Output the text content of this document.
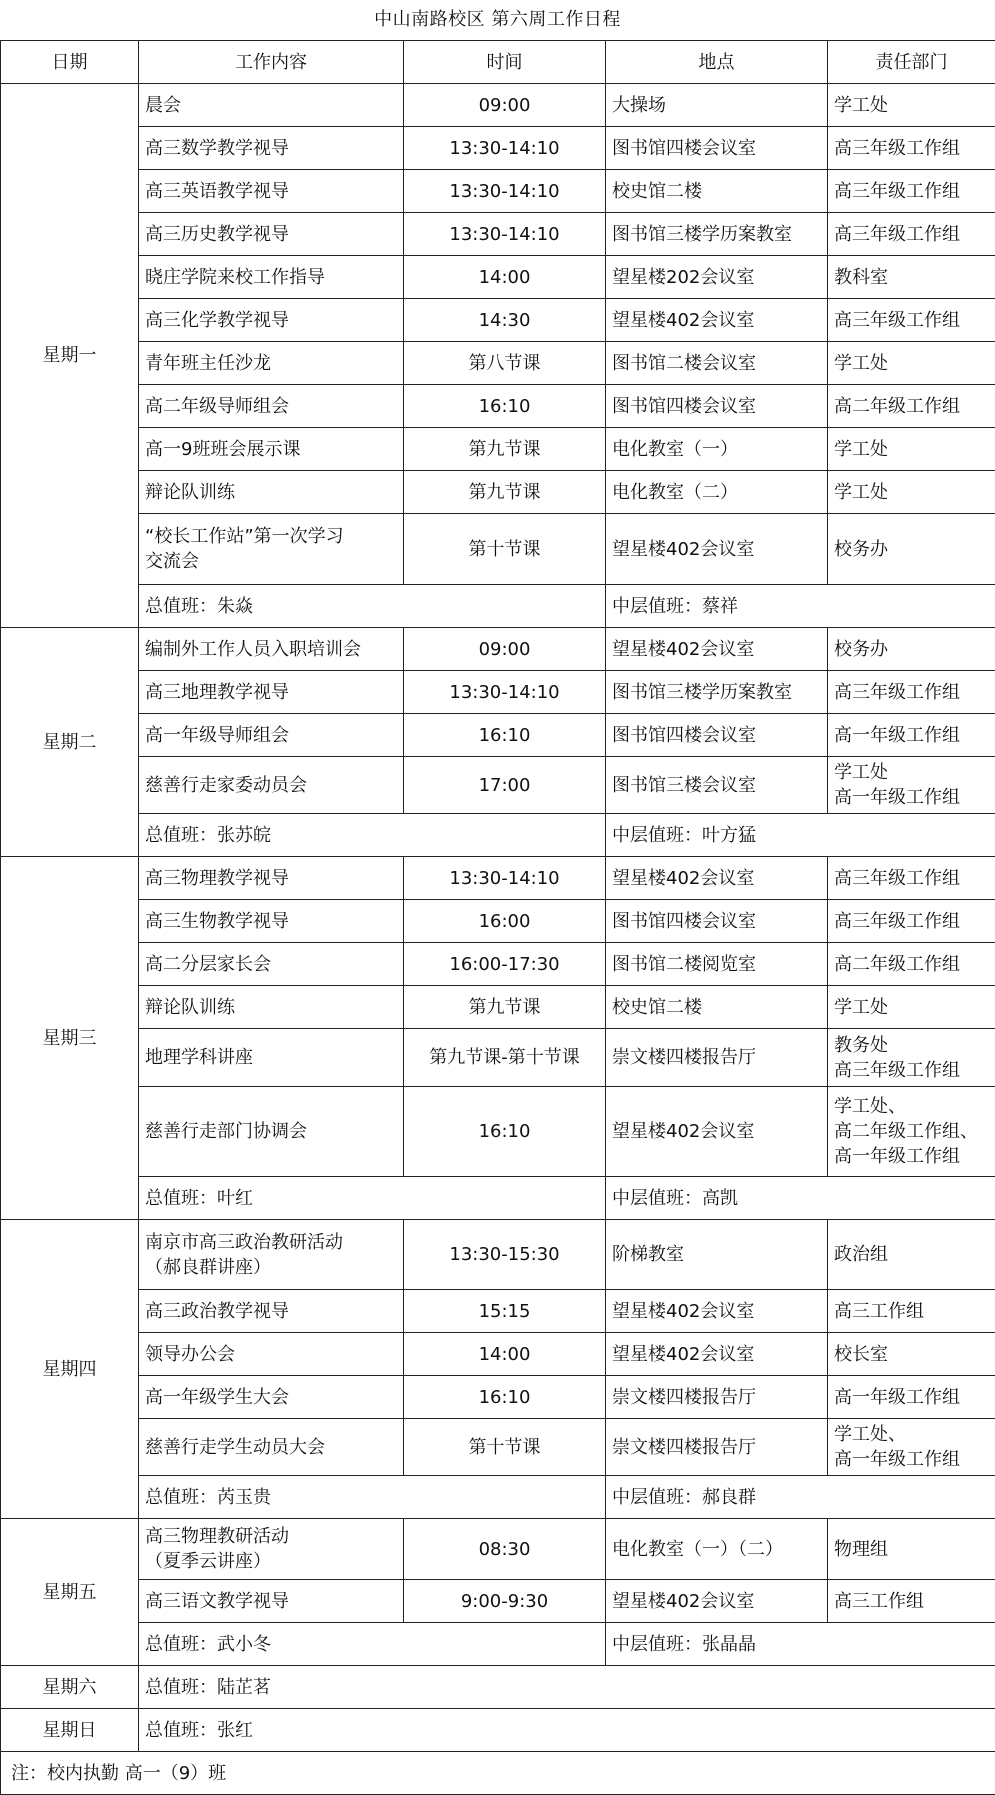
中山南路校区 第六周工作日程
日期	工作内容	时间	地点	责任部门
星期一	晨会	09:00	大操场	学工处
	高三数学教学视导	13:30-14:10	图书馆四楼会议室	高三年级工作组
	高三英语教学视导	13:30-14:10	校史馆二楼	高三年级工作组
	高三历史教学视导	13:30-14:10	图书馆三楼学历案教室	高三年级工作组
	晓庄学院来校工作指导	14:00	望星楼202会议室	教科室
	高三化学教学视导	14:30	望星楼402会议室	高三年级工作组
	青年班主任沙龙	第八节课	图书馆二楼会议室	学工处
	高二年级导师组会	16:10	图书馆四楼会议室	高二年级工作组
	高一9班班会展示课	第九节课	电化教室（一）	学工处
	辩论队训练	第九节课	电化教室（二）	学工处
	“校长工作站”第一次学习
交流会	第十节课	望星楼402会议室	校务办
	总值班：朱焱		中层值班：蔡祥	
星期二	编制外工作人员入职培训会	09:00	望星楼402会议室	校务办
	高三地理教学视导	13:30-14:10	图书馆三楼学历案教室	高三年级工作组
	高一年级导师组会	16:10	图书馆四楼会议室	高一年级工作组
	慈善行走家委动员会	17:00	图书馆三楼会议室	学工处
高一年级工作组
	总值班：张苏皖		中层值班：叶方猛	
星期三	高三物理教学视导	13:30-14:10	望星楼402会议室	高三年级工作组
	高三生物教学视导	16:00	图书馆四楼会议室	高三年级工作组
	高二分层家长会	16:00-17:30	图书馆二楼阅览室	高二年级工作组
	辩论队训练	第九节课	校史馆二楼	学工处
	地理学科讲座	第九节课-第十节课	崇文楼四楼报告厅	教务处
高三年级工作组
	慈善行走部门协调会	16:10	望星楼402会议室	学工处、
高二年级工作组、
高一年级工作组
	总值班：叶红		中层值班：高凯	
星期四	南京市高三政治教研活动
（郝良群讲座）	13:30-15:30	阶梯教室	政治组
	高三政治教学视导	15:15	望星楼402会议室	高三工作组
	领导办公会	14:00	望星楼402会议室	校长室
	高一年级学生大会	16:10	崇文楼四楼报告厅	高一年级工作组
	慈善行走学生动员大会	第十节课	崇文楼四楼报告厅	学工处、
高一年级工作组
	总值班：芮玉贵		中层值班：郝良群	
星期五	高三物理教研活动
（夏季云讲座）	08:30	电化教室（一）（二）	物理组
	高三语文教学视导	9:00-9:30	望星楼402会议室	高三工作组
	总值班：武小冬		中层值班：张晶晶	
星期六	总值班：陆芷茗			
星期日	总值班：张红			
注：校内执勤 高一（9）班				
